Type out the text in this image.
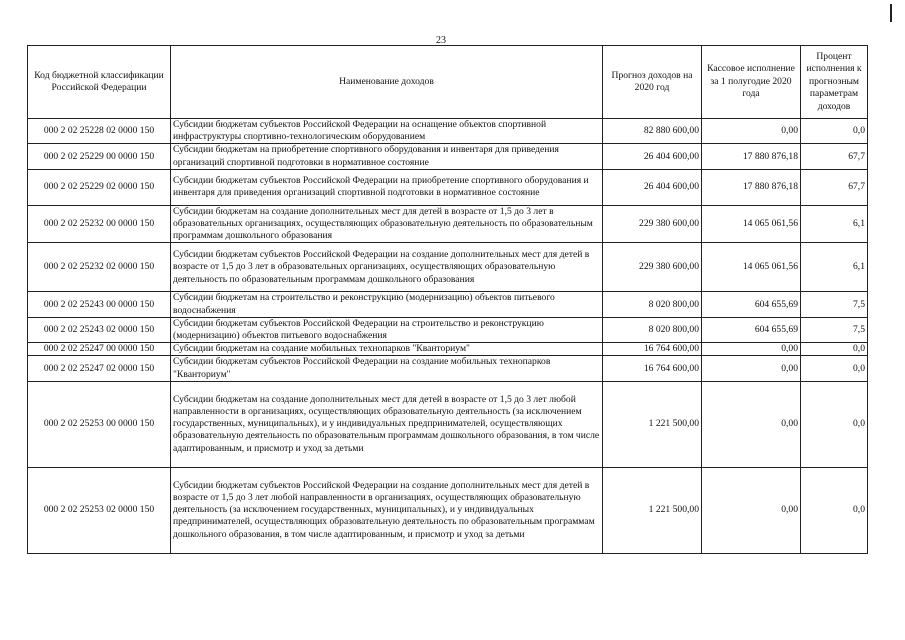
23
Код бюджетной классификации Российской Федерации	Наименование доходов	Прогноз доходов на 2020 год	Кассовое исполнение за 1 полугодие 2020 года	Процент исполнения к прогнозным параметрам доходов
000 2 02 25228 02 0000 150	Субсидии бюджетам субъектов Российской Федерации на оснащение объектов спортивной инфраструктуры спортивно-технологическим оборудованием	82 880 600,00	0,00	0,0
000 2 02 25229 00 0000 150	Субсидии бюджетам на приобретение спортивного оборудования и инвентаря для приведения организаций спортивной подготовки в нормативное состояние	26 404 600,00	17 880 876,18	67,7
000 2 02 25229 02 0000 150	Субсидии бюджетам субъектов Российской Федерации на приобретение спортивного оборудования и инвентаря для приведения организаций спортивной подготовки в нормативное состояние	26 404 600,00	17 880 876,18	67,7
000 2 02 25232 00 0000 150	Субсидии бюджетам на создание дополнительных мест для детей в возрасте от 1,5 до 3 лет в образовательных организациях, осуществляющих образовательную деятельность по образовательным программам дошкольного образования	229 380 600,00	14 065 061,56	6,1
000 2 02 25232 02 0000 150	Субсидии бюджетам субъектов Российской Федерации на создание дополнительных мест для детей в возрасте от 1,5 до 3 лет в образовательных организациях, осуществляющих образовательную деятельность по образовательным программам дошкольного образования	229 380 600,00	14 065 061,56	6,1
000 2 02 25243 00 0000 150	Субсидии бюджетам на строительство и реконструкцию (модернизацию) объектов питьевого водоснабжения	8 020 800,00	604 655,69	7,5
000 2 02 25243 02 0000 150	Субсидии бюджетам субъектов Российской Федерации на строительство и реконструкцию (модернизацию) объектов питьевого водоснабжения	8 020 800,00	604 655,69	7,5
000 2 02 25247 00 0000 150	Субсидии бюджетам на создание мобильных технопарков "Кванториум"	16 764 600,00	0,00	0,0
000 2 02 25247 02 0000 150	Субсидии бюджетам субъектов Российской Федерации на создание мобильных технопарков "Кванториум"	16 764 600,00	0,00	0,0
000 2 02 25253 00 0000 150	Субсидии бюджетам на создание дополнительных мест для детей в возрасте от 1,5 до 3 лет любой направленности в организациях, осуществляющих образовательную деятельность (за исключением государственных, муниципальных), и у индивидуальных предпринимателей, осуществляющих образовательную деятельность по образовательным программам дошкольного образования, в том числе адаптированным, и присмотр и уход за детьми	1 221 500,00	0,00	0,0
000 2 02 25253 02 0000 150	Субсидии бюджетам субъектов Российской Федерации на создание дополнительных мест для детей в возрасте от 1,5 до 3 лет любой направленности в организациях, осуществляющих образовательную деятельность (за исключением государственных, муниципальных), и у индивидуальных предпринимателей, осуществляющих образовательную деятельность по образовательным программам дошкольного образования, в том числе адаптированным, и присмотр и уход за детьми	1 221 500,00	0,00	0,0
